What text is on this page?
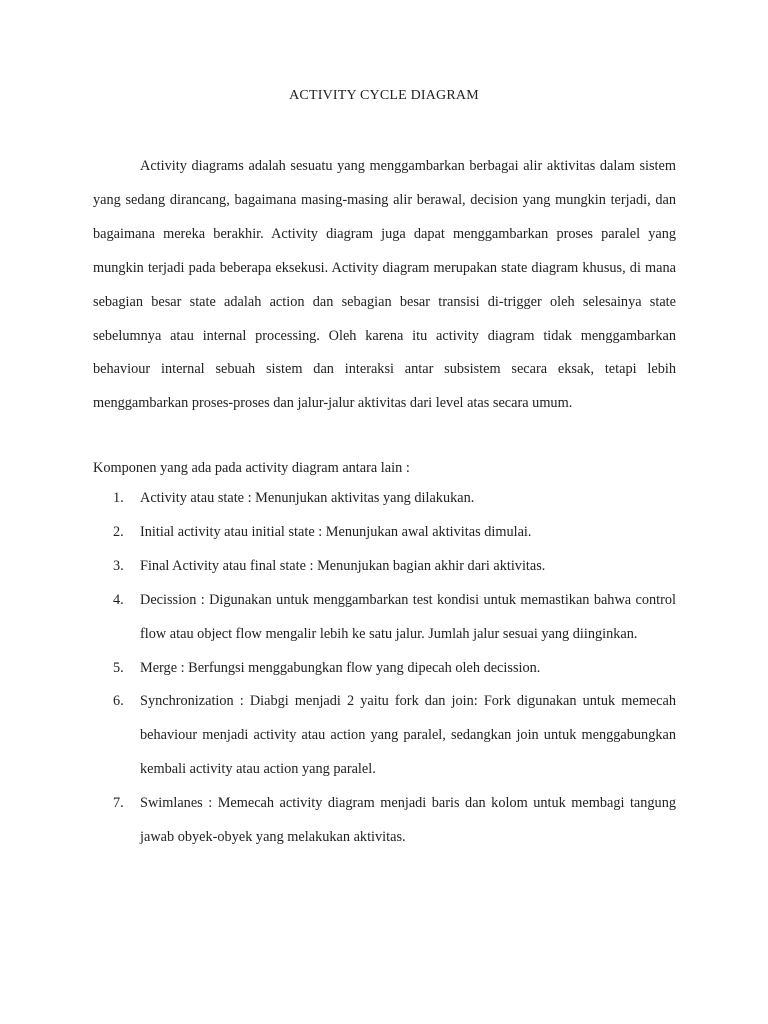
ACTIVITY CYCLE DIAGRAM

Activity diagrams adalah sesuatu yang menggambarkan berbagai alir aktivitas dalam sistem yang sedang dirancang, bagaimana masing-masing alir berawal, decision yang mungkin terjadi, dan bagaimana mereka berakhir. Activity diagram juga dapat menggambarkan proses paralel yang mungkin terjadi pada beberapa eksekusi. Activity diagram merupakan state diagram khusus, di mana sebagian besar state adalah action dan sebagian besar transisi di-trigger oleh selesainya state sebelumnya atau internal processing. Oleh karena itu activity diagram tidak menggambarkan behaviour internal sebuah sistem dan interaksi antar subsistem secara eksak, tetapi lebih menggambarkan proses-proses dan jalur-jalur aktivitas dari level atas secara umum.

Komponen yang ada pada activity diagram antara lain :

1. Activity atau state : Menunjukan aktivitas yang dilakukan.
2. Initial activity atau initial state : Menunjukan awal aktivitas dimulai.
3. Final Activity atau final state : Menunjukan bagian akhir dari aktivitas.
4. Decission : Digunakan untuk menggambarkan test kondisi untuk memastikan bahwa control flow atau object flow mengalir lebih ke satu jalur. Jumlah jalur sesuai yang diinginkan.
5. Merge : Berfungsi menggabungkan flow yang dipecah oleh decission.
6. Synchronization : Diabgi menjadi 2 yaitu fork dan join: Fork digunakan untuk memecah behaviour menjadi activity atau action yang paralel, sedangkan join untuk menggabungkan kembali activity atau action yang paralel.
7. Swimlanes : Memecah activity diagram menjadi baris dan kolom untuk membagi tangung jawab obyek-obyek yang melakukan aktivitas.
